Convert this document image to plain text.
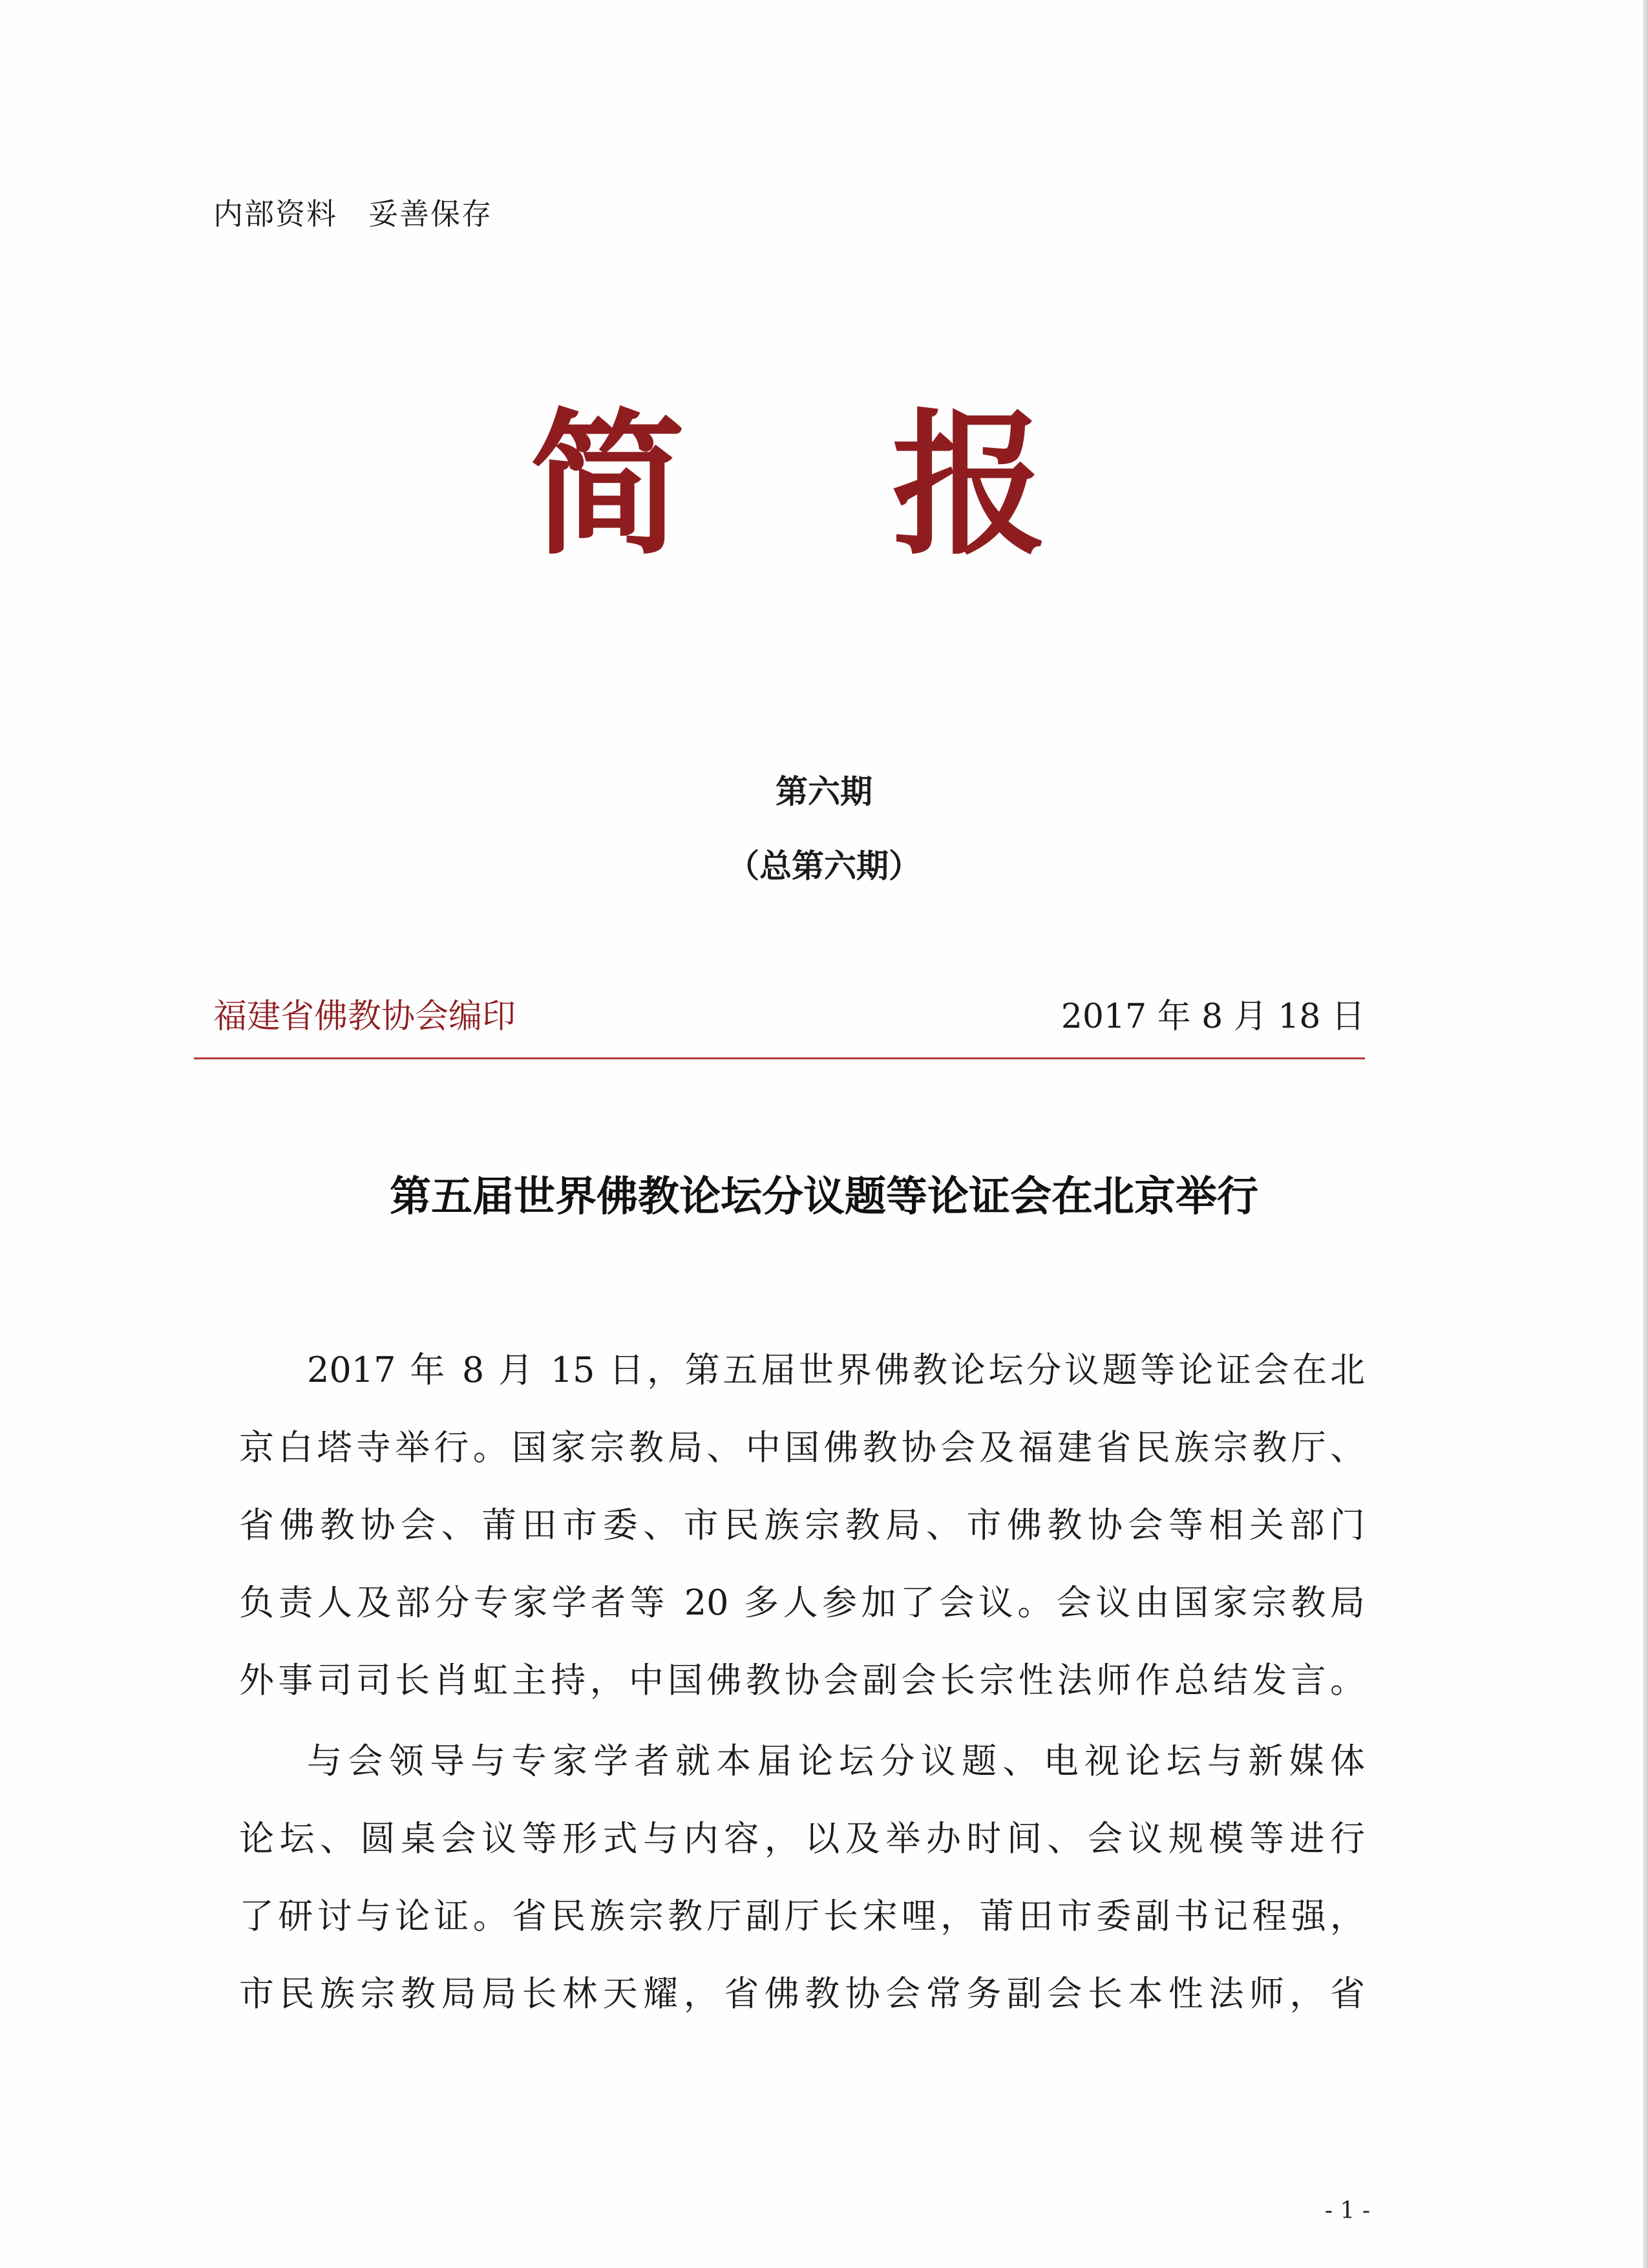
内部资料　妥善保存
简 报
第六期
（总第六期）
福建省佛教协会编印	2017 年 8 月 18 日
第五届世界佛教论坛分议题等论证会在北京举行
2017 年 8 月 15 日，第五届世界佛教论坛分议题等论证会在北
京白塔寺举行。国家宗教局、中国佛教协会及福建省民族宗教厅、
省佛教协会、莆田市委、市民族宗教局、市佛教协会等相关部门
负责人及部分专家学者等 20 多人参加了会议。会议由国家宗教局
外事司司长肖虹主持，中国佛教协会副会长宗性法师作总结发言。
与会领导与专家学者就本届论坛分议题、电视论坛与新媒体
论坛、圆桌会议等形式与内容，以及举办时间、会议规模等进行
了研讨与论证。省民族宗教厅副厅长宋哩，莆田市委副书记程强，
市民族宗教局局长林天耀，省佛教协会常务副会长本性法师，省
- 1 -
